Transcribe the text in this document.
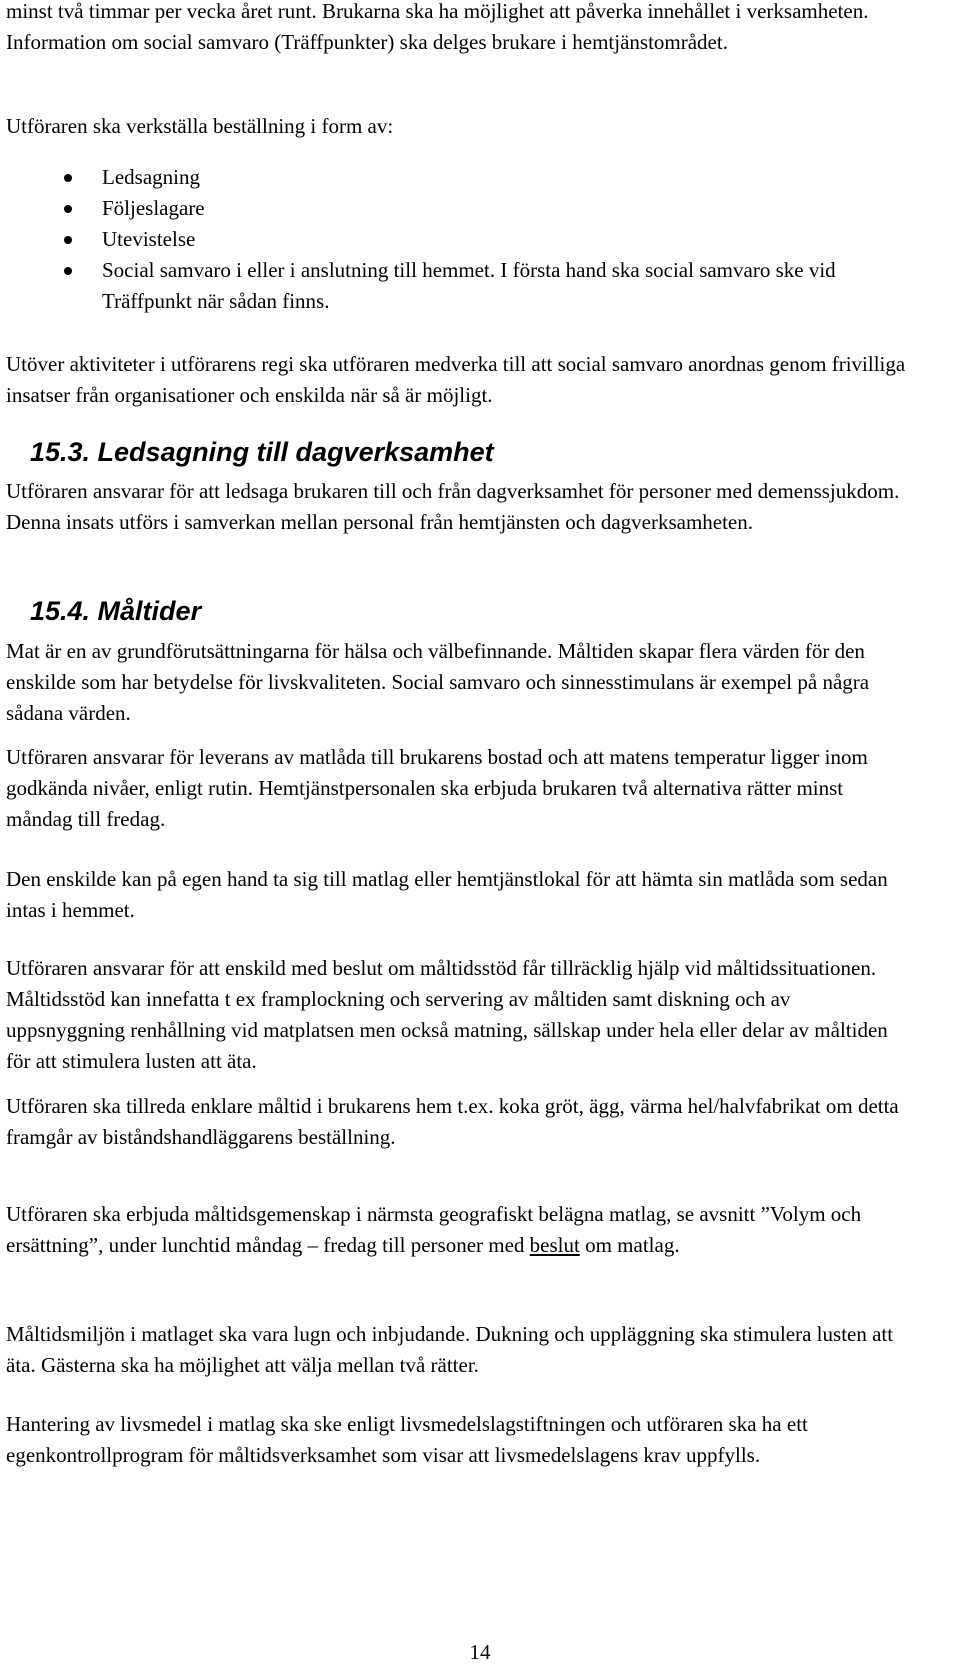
minst två timmar per vecka året runt. Brukarna ska ha möjlighet att påverka innehållet i verksamheten. Information om social samvaro (Träffpunkter) ska delges brukare i hemtjänstområdet.

Utföraren ska verkställa beställning i form av:

Ledsagning
Följeslagare
Utevistelse
Social samvaro i eller i anslutning till hemmet. I första hand ska social samvaro ske vid Träffpunkt när sådan finns.

Utöver aktiviteter i utförarens regi ska utföraren medverka till att social samvaro anordnas genom frivilliga insatser från organisationer och enskilda när så är möjligt.

15.3. Ledsagning till dagverksamhet

Utföraren ansvarar för att ledsaga brukaren till och från dagverksamhet för personer med demenssjukdom. Denna insats utförs i samverkan mellan personal från hemtjänsten och dagverksamheten.

15.4. Måltider

Mat är en av grundförutsättningarna för hälsa och välbefinnande. Måltiden skapar flera värden för den enskilde som har betydelse för livskvaliteten. Social samvaro och sinnesstimulans är exempel på några sådana värden.

Utföraren ansvarar för leverans av matlåda till brukarens bostad och att matens temperatur ligger inom godkända nivåer, enligt rutin. Hemtjänstpersonalen ska erbjuda brukaren två alternativa rätter minst måndag till fredag.

Den enskilde kan på egen hand ta sig till matlag eller hemtjänstlokal för att hämta sin matlåda som sedan intas i hemmet.

Utföraren ansvarar för att enskild med beslut om måltidsstöd får tillräcklig hjälp vid måltidssituationen. Måltidsstöd kan innefatta t ex framplockning och servering av måltiden samt diskning och av uppsnyggning renhållning vid matplatsen men också matning, sällskap under hela eller delar av måltiden för att stimulera lusten att äta.

Utföraren ska tillreda enklare måltid i brukarens hem t.ex. koka gröt, ägg, värma hel/halvfabrikat om detta framgår av biståndshandläggarens beställning.

Utföraren ska erbjuda måltidsgemenskap i närmsta geografiskt belägna matlag, se avsnitt ”Volym och ersättning”, under lunchtid måndag – fredag till personer med beslut om matlag.

Måltidsmiljön i matlaget ska vara lugn och inbjudande. Dukning och uppläggning ska stimulera lusten att äta. Gästerna ska ha möjlighet att välja mellan två rätter.

Hantering av livsmedel i matlag ska ske enligt livsmedelslagstiftningen och utföraren ska ha ett egenkontrollprogram för måltidsverksamhet som visar att livsmedelslagens krav uppfylls.

14
